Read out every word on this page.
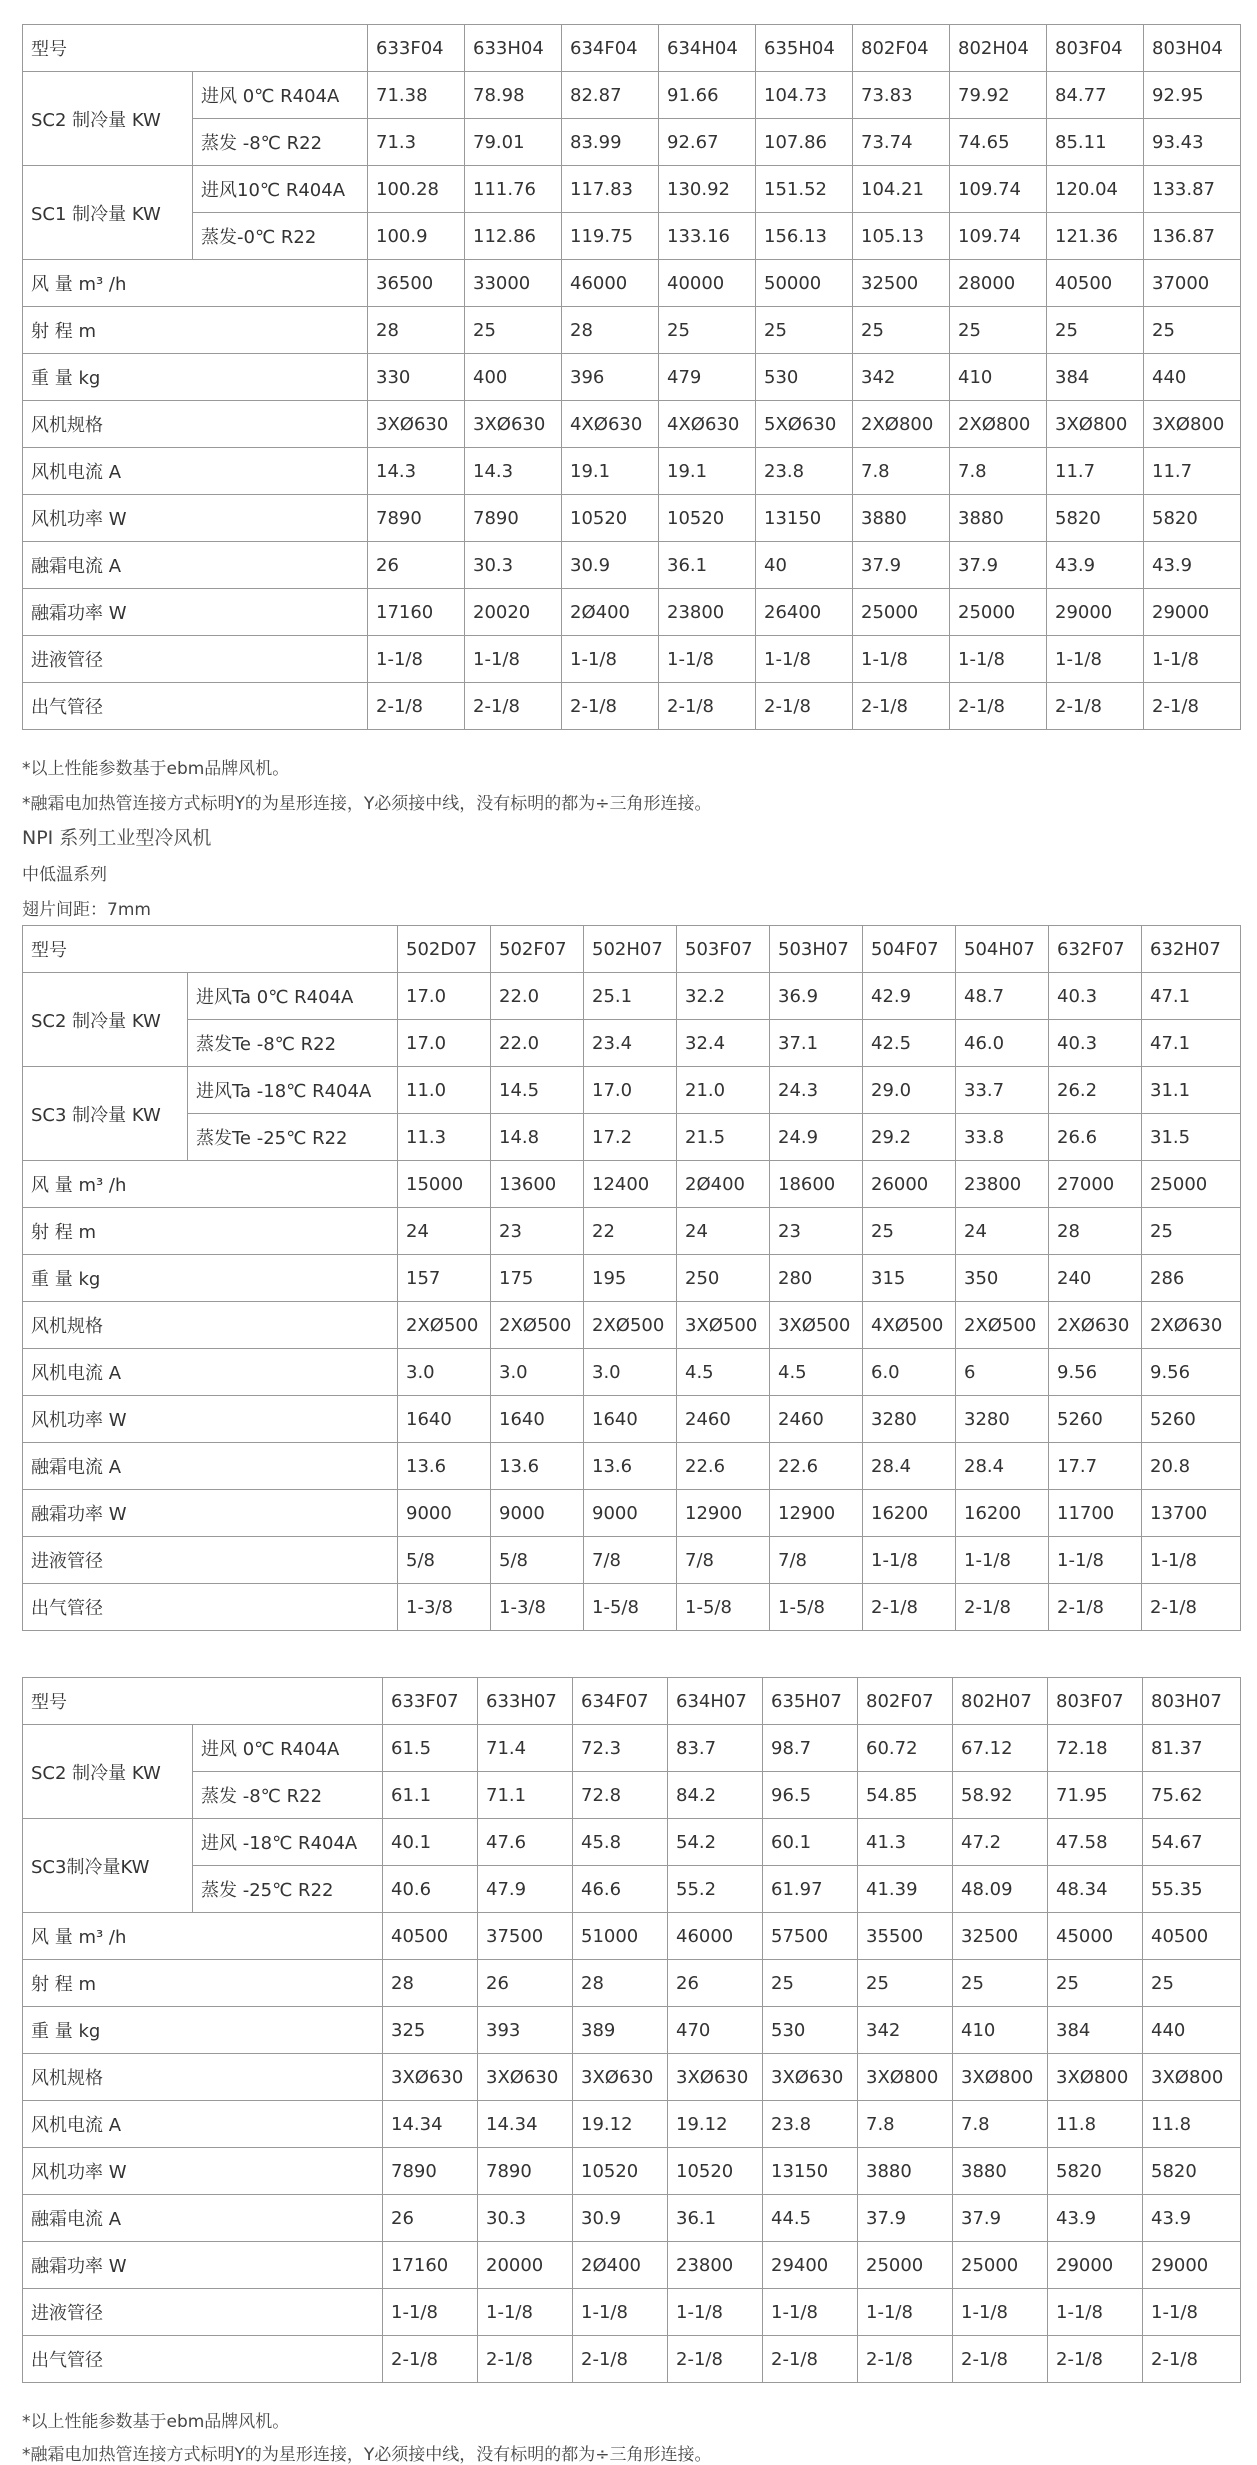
型号		633F04	633H04	634F04	634H04	635H04	802F04	802H04	803F04	803H04
SC2 制冷量 KW	进风 0℃ R404A	71.38	78.98	82.87	91.66	104.73	73.83	79.92	84.77	92.95
	蒸发 -8℃ R22	71.3	79.01	83.99	92.67	107.86	73.74	74.65	85.11	93.43
SC1 制冷量 KW	进风10℃ R404A	100.28	111.76	117.83	130.92	151.52	104.21	109.74	120.04	133.87
	蒸发-0℃ R22	100.9	112.86	119.75	133.16	156.13	105.13	109.74	121.36	136.87
风 量 m³ /h		36500	33000	46000	40000	50000	32500	28000	40500	37000
射 程 m		28	25	28	25	25	25	25	25	25
重 量 kg		330	400	396	479	530	342	410	384	440
风机规格		3XØ630	3XØ630	4XØ630	4XØ630	5XØ630	2XØ800	2XØ800	3XØ800	3XØ800
风机电流 A		14.3	14.3	19.1	19.1	23.8	7.8	7.8	11.7	11.7
风机功率 W		7890	7890	10520	10520	13150	3880	3880	5820	5820
融霜电流 A		26	30.3	30.9	36.1	40	37.9	37.9	43.9	43.9
融霜功率 W		17160	20020	2Ø400	23800	26400	25000	25000	29000	29000
进液管径		1-1/8	1-1/8	1-1/8	1-1/8	1-1/8	1-1/8	1-1/8	1-1/8	1-1/8
出气管径		2-1/8	2-1/8	2-1/8	2-1/8	2-1/8	2-1/8	2-1/8	2-1/8	2-1/8
*以上性能参数基于ebm品牌风机。
*融霜电加热管连接方式标明Y的为星形连接，Y必须接中线，没有标明的都为÷三角形连接。
NPI 系列工业型冷风机
中低温系列
翅片间距：7mm
型号		502D07	502F07	502H07	503F07	503H07	504F07	504H07	632F07	632H07
SC2 制冷量 KW	进风Ta 0℃ R404A	17.0	22.0	25.1	32.2	36.9	42.9	48.7	40.3	47.1
	蒸发Te -8℃ R22	17.0	22.0	23.4	32.4	37.1	42.5	46.0	40.3	47.1
SC3 制冷量 KW	进风Ta -18℃ R404A	11.0	14.5	17.0	21.0	24.3	29.0	33.7	26.2	31.1
	蒸发Te -25℃ R22	11.3	14.8	17.2	21.5	24.9	29.2	33.8	26.6	31.5
风 量 m³ /h		15000	13600	12400	2Ø400	18600	26000	23800	27000	25000
射 程 m		24	23	22	24	23	25	24	28	25
重 量 kg		157	175	195	250	280	315	350	240	286
风机规格		2XØ500	2XØ500	2XØ500	3XØ500	3XØ500	4XØ500	2XØ500	2XØ630	2XØ630
风机电流 A		3.0	3.0	3.0	4.5	4.5	6.0	6	9.56	9.56
风机功率 W		1640	1640	1640	2460	2460	3280	3280	5260	5260
融霜电流 A		13.6	13.6	13.6	22.6	22.6	28.4	28.4	17.7	20.8
融霜功率 W		9000	9000	9000	12900	12900	16200	16200	11700	13700
进液管径		5/8	5/8	7/8	7/8	7/8	1-1/8	1-1/8	1-1/8	1-1/8
出气管径		1-3/8	1-3/8	1-5/8	1-5/8	1-5/8	2-1/8	2-1/8	2-1/8	2-1/8
型号		633F07	633H07	634F07	634H07	635H07	802F07	802H07	803F07	803H07
SC2 制冷量 KW	进风 0℃ R404A	61.5	71.4	72.3	83.7	98.7	60.72	67.12	72.18	81.37
	蒸发 -8℃ R22	61.1	71.1	72.8	84.2	96.5	54.85	58.92	71.95	75.62
SC3制冷量KW	进风 -18℃ R404A	40.1	47.6	45.8	54.2	60.1	41.3	47.2	47.58	54.67
	蒸发 -25℃ R22	40.6	47.9	46.6	55.2	61.97	41.39	48.09	48.34	55.35
风 量 m³ /h		40500	37500	51000	46000	57500	35500	32500	45000	40500
射 程 m		28	26	28	26	25	25	25	25	25
重 量 kg		325	393	389	470	530	342	410	384	440
风机规格		3XØ630	3XØ630	3XØ630	3XØ630	3XØ630	3XØ800	3XØ800	3XØ800	3XØ800
风机电流 A		14.34	14.34	19.12	19.12	23.8	7.8	7.8	11.8	11.8
风机功率 W		7890	7890	10520	10520	13150	3880	3880	5820	5820
融霜电流 A		26	30.3	30.9	36.1	44.5	37.9	37.9	43.9	43.9
融霜功率 W		17160	20000	2Ø400	23800	29400	25000	25000	29000	29000
进液管径		1-1/8	1-1/8	1-1/8	1-1/8	1-1/8	1-1/8	1-1/8	1-1/8	1-1/8
出气管径		2-1/8	2-1/8	2-1/8	2-1/8	2-1/8	2-1/8	2-1/8	2-1/8	2-1/8
*以上性能参数基于ebm品牌风机。
*融霜电加热管连接方式标明Y的为星形连接，Y必须接中线，没有标明的都为÷三角形连接。
